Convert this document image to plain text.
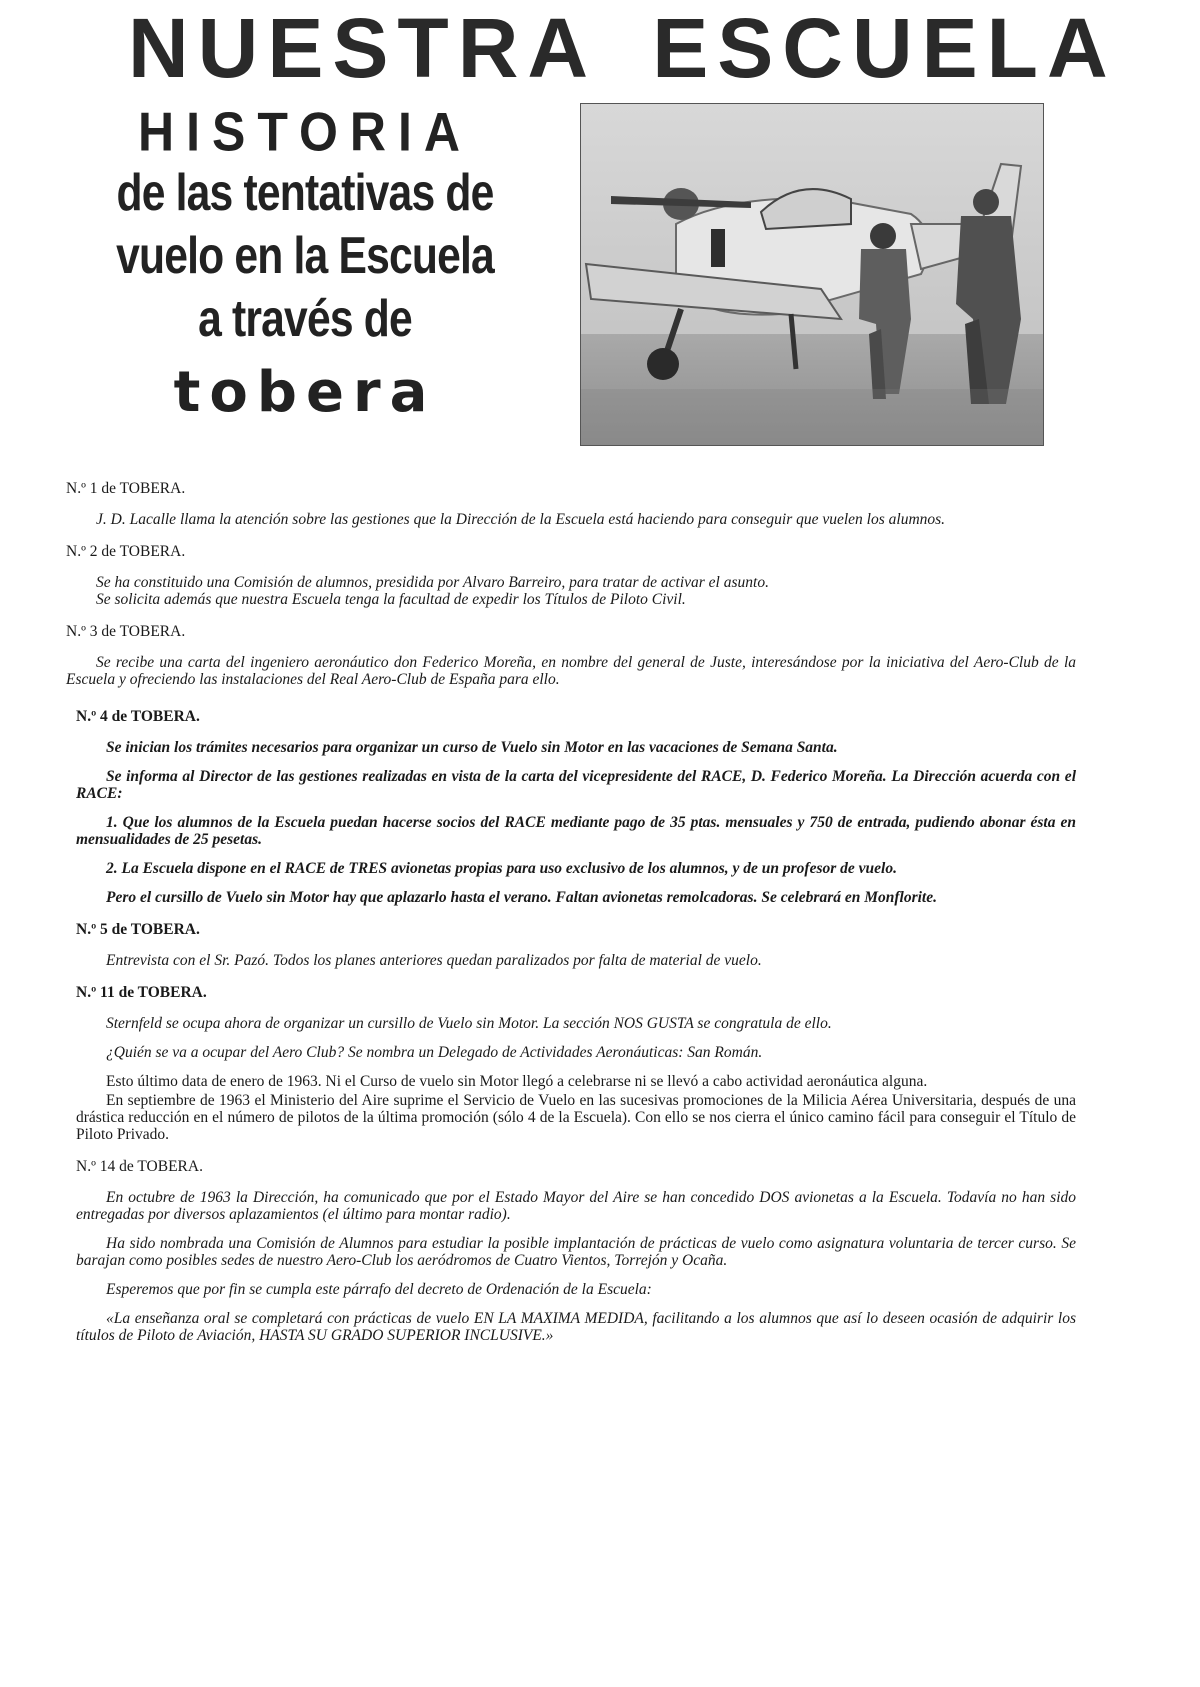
NUESTRA ESCUELA
HISTORIA
de las tentativas de
vuelo en la Escuela
a través de
tobera
N.º 1 de TOBERA.

J. D. Lacalle llama la atención sobre las gestiones que la Dirección de la Escuela está haciendo para conseguir que vuelen los alumnos.

N.º 2 de TOBERA.

Se ha constituido una Comisión de alumnos, presidida por Alvaro Barreiro, para tratar de activar el asunto.

Se solicita además que nuestra Escuela tenga la facultad de expedir los Títulos de Piloto Civil.

N.º 3 de TOBERA.

Se recibe una carta del ingeniero aeronáutico don Federico Moreña, en nombre del general de Juste, interesándose por la iniciativa del Aero-Club de la Escuela y ofreciendo las instalaciones del Real Aero-Club de España para ello.

N.º 4 de TOBERA.

Se inician los trámites necesarios para organizar un curso de Vuelo sin Motor en las vacaciones de Semana Santa.

Se informa al Director de las gestiones realizadas en vista de la carta del vicepresidente del RACE, D. Federico Moreña. La Dirección acuerda con el RACE:

1. Que los alumnos de la Escuela puedan hacerse socios del RACE mediante pago de 35 ptas. mensuales y 750 de entrada, pudiendo abonar ésta en mensualidades de 25 pesetas.

2. La Escuela dispone en el RACE de TRES avionetas propias para uso exclusivo de los alumnos, y de un profesor de vuelo.

Pero el cursillo de Vuelo sin Motor hay que aplazarlo hasta el verano. Faltan avionetas remolcadoras. Se celebrará en Monflorite.

N.º 5 de TOBERA.

Entrevista con el Sr. Pazó. Todos los planes anteriores quedan paralizados por falta de material de vuelo.

N.º 11 de TOBERA.

Sternfeld se ocupa ahora de organizar un cursillo de Vuelo sin Motor. La sección NOS GUSTA se congratula de ello.

¿Quién se va a ocupar del Aero Club? Se nombra un Delegado de Actividades Aeronáuticas: San Román.

Esto último data de enero de 1963. Ni el Curso de vuelo sin Motor llegó a celebrarse ni se llevó a cabo actividad aeronáutica alguna.

En septiembre de 1963 el Ministerio del Aire suprime el Servicio de Vuelo en las sucesivas promociones de la Milicia Aérea Universitaria, después de una drástica reducción en el número de pilotos de la última promoción (sólo 4 de la Escuela). Con ello se nos cierra el único camino fácil para conseguir el Título de Piloto Privado.

N.º 14 de TOBERA.

En octubre de 1963 la Dirección, ha comunicado que por el Estado Mayor del Aire se han concedido DOS avionetas a la Escuela. Todavía no han sido entregadas por diversos aplazamientos (el último para montar radio).

Ha sido nombrada una Comisión de Alumnos para estudiar la posible implantación de prácticas de vuelo como asignatura voluntaria de tercer curso. Se barajan como posibles sedes de nuestro Aero-Club los aeródromos de Cuatro Vientos, Torrejón y Ocaña.

Esperemos que por fin se cumpla este párrafo del decreto de Ordenación de la Escuela:

«La enseñanza oral se completará con prácticas de vuelo EN LA MAXIMA MEDIDA, facilitando a los alumnos que así lo deseen ocasión de adquirir los títulos de Piloto de Aviación, HASTA SU GRADO SUPERIOR INCLUSIVE.»
